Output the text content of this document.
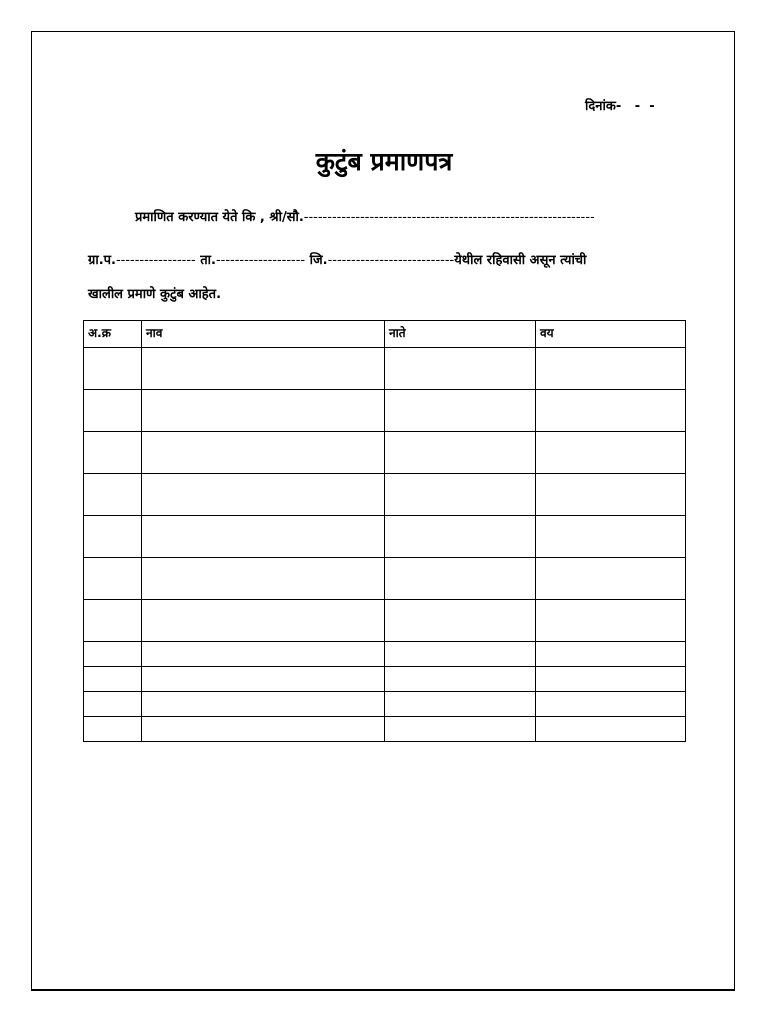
दिनांक-   -  -
कुटुंब प्रमाणपत्र
प्रमाणित करण्यात येते कि , श्री/सौ.--------------------------------------------------------------
ग्रा.प.----------------- ता.------------------- जि.---------------------------येथील रहिवासी असून त्यांची
खालील प्रमाणे कुटुंब आहेत.
अ.क्र	नाव	नाते	वय
